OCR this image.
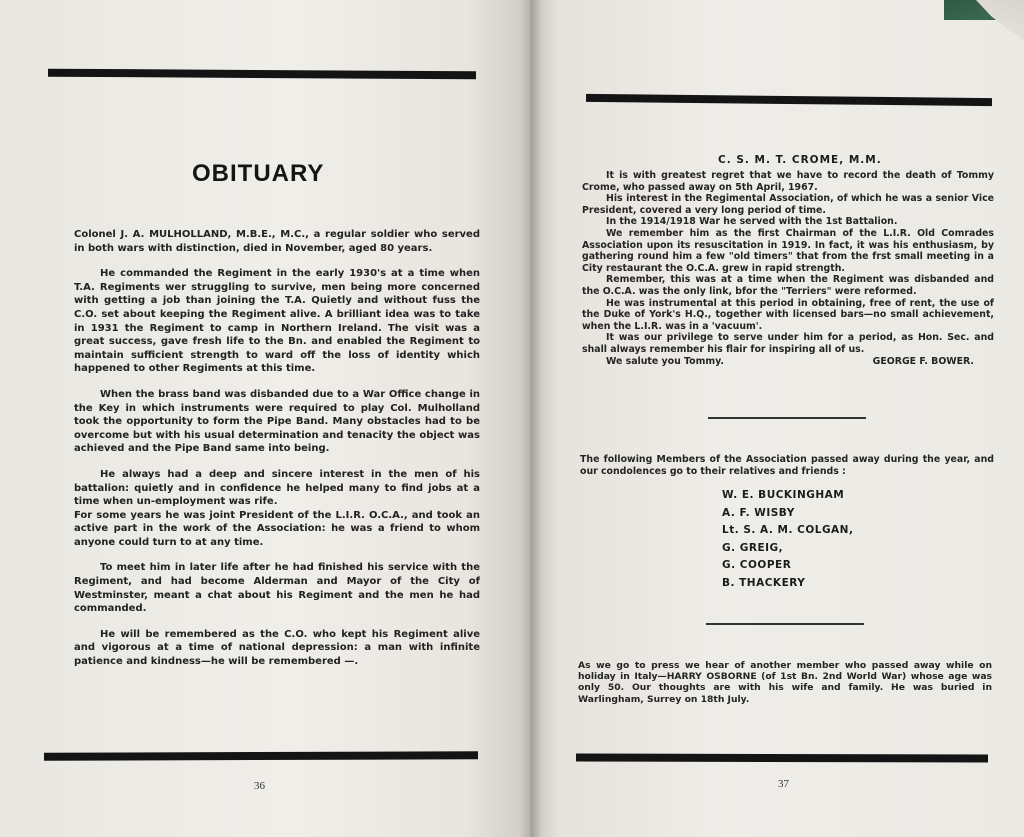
OBITUARY

Colonel J. A. MULHOLLAND, M.B.E., M.C., a regular soldier who served in both wars with distinction, died in November, aged 80 years.

He commanded the Regiment in the early 1930's at a time when T.A. Regiments wer struggling to survive, men being more concerned with getting a job than joining the T.A. Quietly and without fuss the C.O. set about keeping the Regiment alive. A brilliant idea was to take in 1931 the Regiment to camp in Northern Ireland. The visit was a great success, gave fresh life to the Bn. and enabled the Regiment to maintain sufficient strength to ward off the loss of identity which happened to other Regiments at this time.

When the brass band was disbanded due to a War Office change in the Key in which instruments were required to play Col. Mulholland took the opportunity to form the Pipe Band. Many obstacles had to be overcome but with his usual determination and tenacity the object was achieved and the Pipe Band same into being.

He always had a deep and sincere interest in the men of his battalion: quietly and in confidence he helped many to find jobs at a time when un-employment was rife.

For some years he was joint President of the L.I.R. O.C.A., and took an active part in the work of the Association: he was a friend to whom anyone could turn to at any time.

To meet him in later life after he had finished his service with the Regiment, and had become Alderman and Mayor of the City of Westminster, meant a chat about his Regiment and the men he had commanded.

He will be remembered as the C.O. who kept his Regiment alive and vigorous at a time of national depression: a man with infinite patience and kindness—he will be remembered —.

36
C. S. M. T. CROME, M.M.
It is with greatest regret that we have to record the death of Tommy Crome, who passed away on 5th April, 1967.
His interest in the Regimental Association, of which he was a senior Vice President, covered a very long period of time.
In the 1914/1918 War he served with the 1st Battalion.
We remember him as the first Chairman of the L.I.R. Old Comrades Association upon its resuscitation in 1919. In fact, it was his enthusiasm, by gathering round him a few "old timers" that from the frst small meeting in a City restaurant the O.C.A. grew in rapid strength.
Remember, this was at a time when the Regiment was disbanded and the O.C.A. was the only link, bfor the "Terriers" were reformed.
He was instrumental at this period in obtaining, free of rent, the use of the Duke of York's H.Q., together with licensed bars—no small achievement, when the L.I.R. was in a 'vacuum'.
It was our privilege to serve under him for a period, as Hon. Sec. and shall always remember his flair for inspiring all of us.
We salute you Tommy.	GEORGE F. BOWER.
The following Members of the Association passed away during the year, and our condolences go to their relatives and friends :
W. E. BUCKINGHAM
A. F. WISBY
Lt. S. A. M. COLGAN,
G. GREIG,
G. COOPER
B. THACKERY
As we go to press we hear of another member who passed away while on holiday in Italy—HARRY OSBORNE (of 1st Bn. 2nd World War) whose age was only 50. Our thoughts are with his wife and family. He was buried in Warlingham, Surrey on 18th July.
37
